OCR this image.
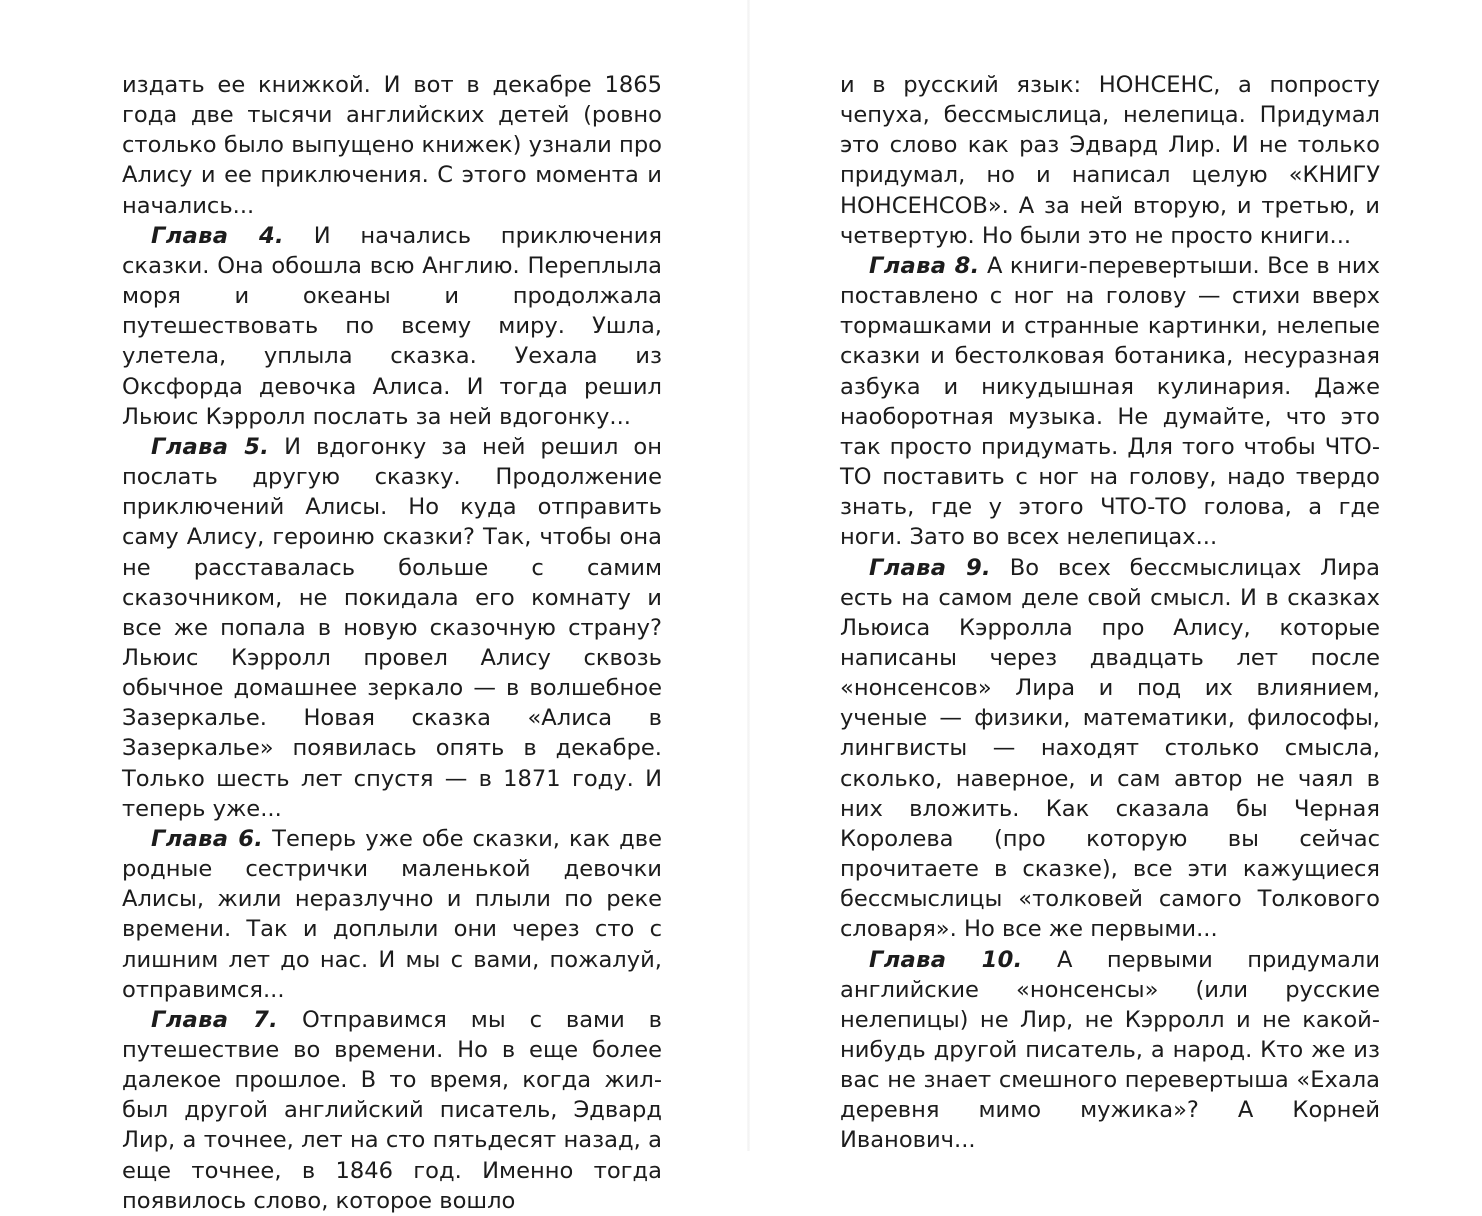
издать ее книжкой. И вот в декабре 1865 года две тысячи английских детей (ровно столько было выпущено книжек) узнали про Алису и ее приключения. С этого момента и начались...

Глава 4. И начались приключения сказки. Она обошла всю Англию. Переплыла моря и океаны и продолжала путешествовать по всему миру. Ушла, улетела, уплыла сказка. Уехала из Оксфорда девочка Алиса. И тогда решил Льюис Кэрролл послать за ней вдогонку...

Глава 5. И вдогонку за ней решил он послать другую сказку. Продолжение приключений Алисы. Но куда отправить саму Алису, героиню сказки? Так, чтобы она не расставалась больше с самим сказочником, не покидала его комнату и все же попала в новую сказочную страну? Льюис Кэрролл провел Алису сквозь обычное домашнее зеркало — в волшебное Зазеркалье. Новая сказка «Алиса в Зазеркалье» появилась опять в декабре. Только шесть лет спустя — в 1871 году. И теперь уже...

Глава 6. Теперь уже обе сказки, как две родные сестрички маленькой девочки Алисы, жили неразлучно и плыли по реке времени. Так и доплыли они через сто с лишним лет до нас. И мы с вами, пожалуй, отправимся...

Глава 7. Отправимся мы с вами в путешествие во времени. Но в еще более далекое прошлое. В то время, когда жил-был другой английский писатель, Эдвард Лир, а точнее, лет на сто пятьдесят назад, а еще точнее, в 1846 год. Именно тогда появилось слово, которое вошло

и в русский язык: НОНСЕНС, а попросту чепуха, бессмыслица, нелепица. Придумал это слово как раз Эдвард Лир. И не только придумал, но и написал целую «КНИГУ НОНСЕНСОВ». А за ней вторую, и третью, и четвертую. Но были это не просто книги...

Глава 8. А книги-перевертыши. Все в них поставлено с ног на голову — стихи вверх тормашками и странные картинки, нелепые сказки и бестолковая ботаника, несуразная азбука и никудышная кулинария. Даже наоборотная музыка. Не думайте, что это так просто придумать. Для того чтобы ЧТО-ТО поставить с ног на голову, надо твердо знать, где у этого ЧТО-ТО голова, а где ноги. Зато во всех нелепицах...

Глава 9. Во всех бессмыслицах Лира есть на самом деле свой смысл. И в сказках Льюиса Кэрролла про Алису, которые написаны через двадцать лет после «нонсенсов» Лира и под их влиянием, ученые — физики, математики, философы, лингвисты — находят столько смысла, сколько, наверное, и сам автор не чаял в них вложить. Как сказала бы Черная Королева (про которую вы сейчас прочитаете в сказке), все эти кажущиеся бессмыслицы «толковей самого Толкового словаря». Но все же первыми...

Глава 10. А первыми придумали английские «нонсенсы» (или русские нелепицы) не Лир, не Кэрролл и не какой-нибудь другой писатель, а народ. Кто же из вас не знает смешного перевертыша «Ехала деревня мимо мужика»? А Корней Иванович...
